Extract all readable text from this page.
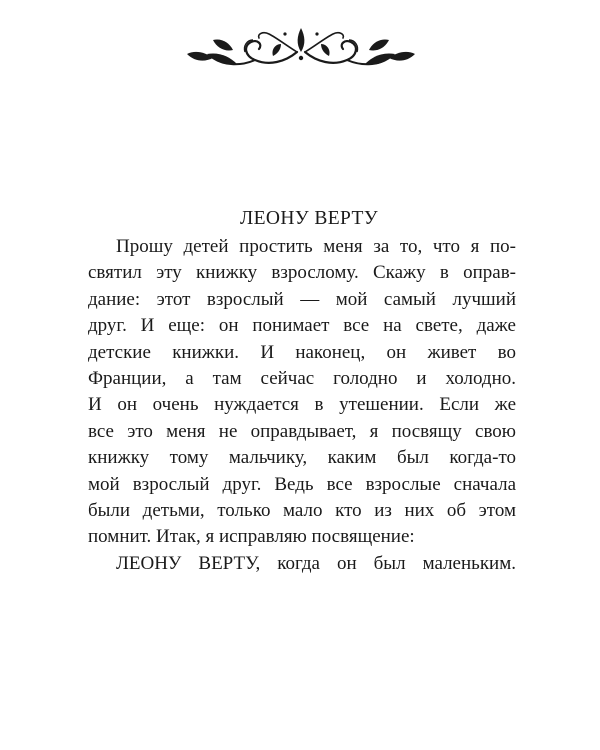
ЛЕОНУ ВЕРТУ
Прошу детей простить меня за то, что я по-
святил эту книжку взрослому. Скажу в оправ-
дание: этот взрослый — мой самый лучший
друг. И еще: он понимает все на свете, даже
детские книжки. И наконец, он живет во
Франции, а там сейчас голодно и холодно.
И он очень нуждается в утешении. Если же
все это меня не оправдывает, я посвящу свою
книжку тому мальчику, каким был когда-то
мой взрослый друг. Ведь все взрослые сначала
были детьми, только мало кто из них об этом
помнит. Итак, я исправляю посвящение:
ЛЕОНУ ВЕРТУ, когда он был маленьким.
